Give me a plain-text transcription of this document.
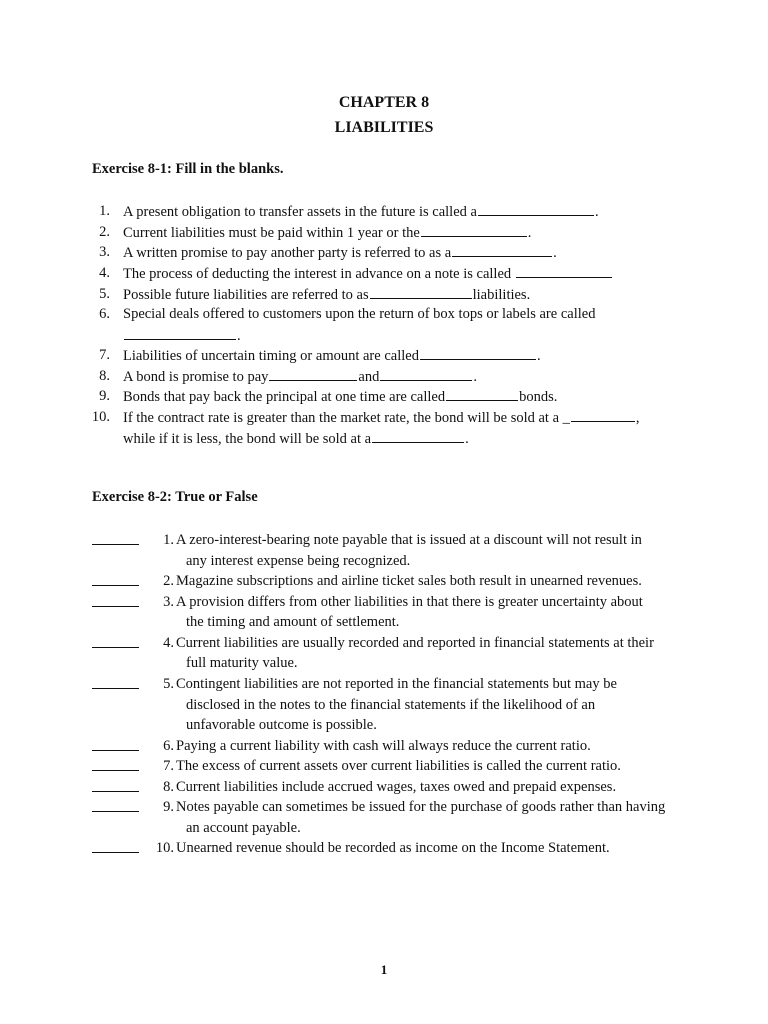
CHAPTER 8
LIABILITIES
Exercise 8-1: Fill in the blanks.
1. A present obligation to transfer assets in the future is called a	.
2. Current liabilities must be paid within 1 year or the	.
3. A written promise to pay another party is referred to as a	.
4. The process of deducting the interest in advance on a note is called
5. Possible future liabilities are referred to as	liabilities.
6. Special deals offered to customers upon the return of box tops or labels are called
.
7. Liabilities of uncertain timing or amount are called	.
8. A bond is promise to pay	and	.
9. Bonds that pay back the principal at one time are called	bonds.
10. If the contract rate is greater than the market rate, the bond will be sold at a _	,
while if it is less, the bond will be sold at a	.
Exercise 8-2: True or False
1. A zero-interest-bearing note payable that is issued at a discount will not result in
any interest expense being recognized.
2. Magazine subscriptions and airline ticket sales both result in unearned revenues.
3. A provision differs from other liabilities in that there is greater uncertainty about
the timing and amount of settlement.
4. Current liabilities are usually recorded and reported in financial statements at their
full maturity value.
5. Contingent liabilities are not reported in the financial statements but may be
disclosed in the notes to the financial statements if the likelihood of an
unfavorable outcome is possible.
6. Paying a current liability with cash will always reduce the current ratio.
7. The excess of current assets over current liabilities is called the current ratio.
8. Current liabilities include accrued wages, taxes owed and prepaid expenses.
9. Notes payable can sometimes be issued for the purchase of goods rather than having
an account payable.
10. Unearned revenue should be recorded as income on the Income Statement.
1
